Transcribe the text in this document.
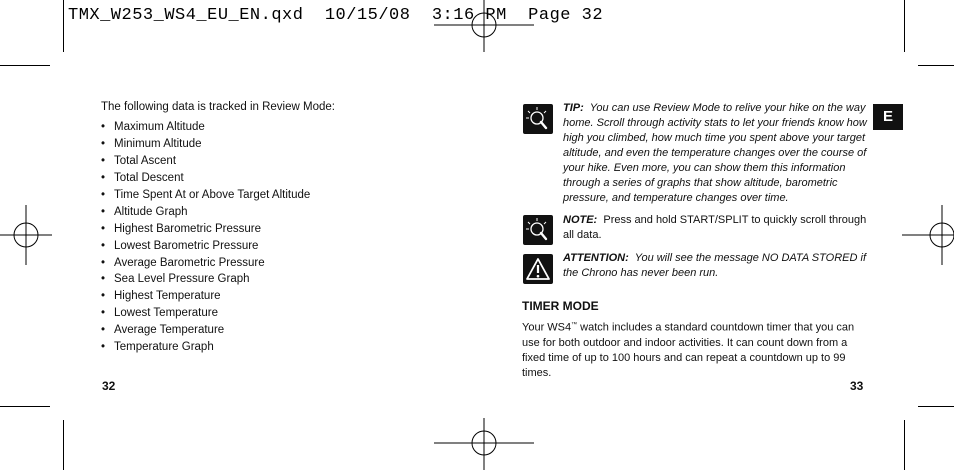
TMX_W253_WS4_EU_EN.qxd  10/15/08  3:16 PM  Page 32
The following data is tracked in Review Mode:
• Maximum Altitude
• Minimum Altitude
• Total Ascent
• Total Descent
• Time Spent At or Above Target Altitude
• Altitude Graph
• Highest Barometric Pressure
• Lowest Barometric Pressure
• Average Barometric Pressure
• Sea Level Pressure Graph
• Highest Temperature
• Lowest Temperature
• Average Temperature
• Temperature Graph
32
TIP: You can use Review Mode to relive your hike on the way home. Scroll through activity stats to let your friends know how high you climbed, how much time you spent above your target altitude, and even the temperature changes over the course of your hike. Even more, you can show them this information through a series of graphs that show altitude, barometric pressure, and temperature changes over time.
NOTE: Press and hold START/SPLIT to quickly scroll through all data.
ATTENTION: You will see the message NO DATA STORED if the Chrono has never been run.
TIMER MODE
Your WS4™ watch includes a standard countdown timer that you can use for both outdoor and indoor activities. It can count down from a fixed time of up to 100 hours and can repeat a countdown up to 99 times.
33
E
